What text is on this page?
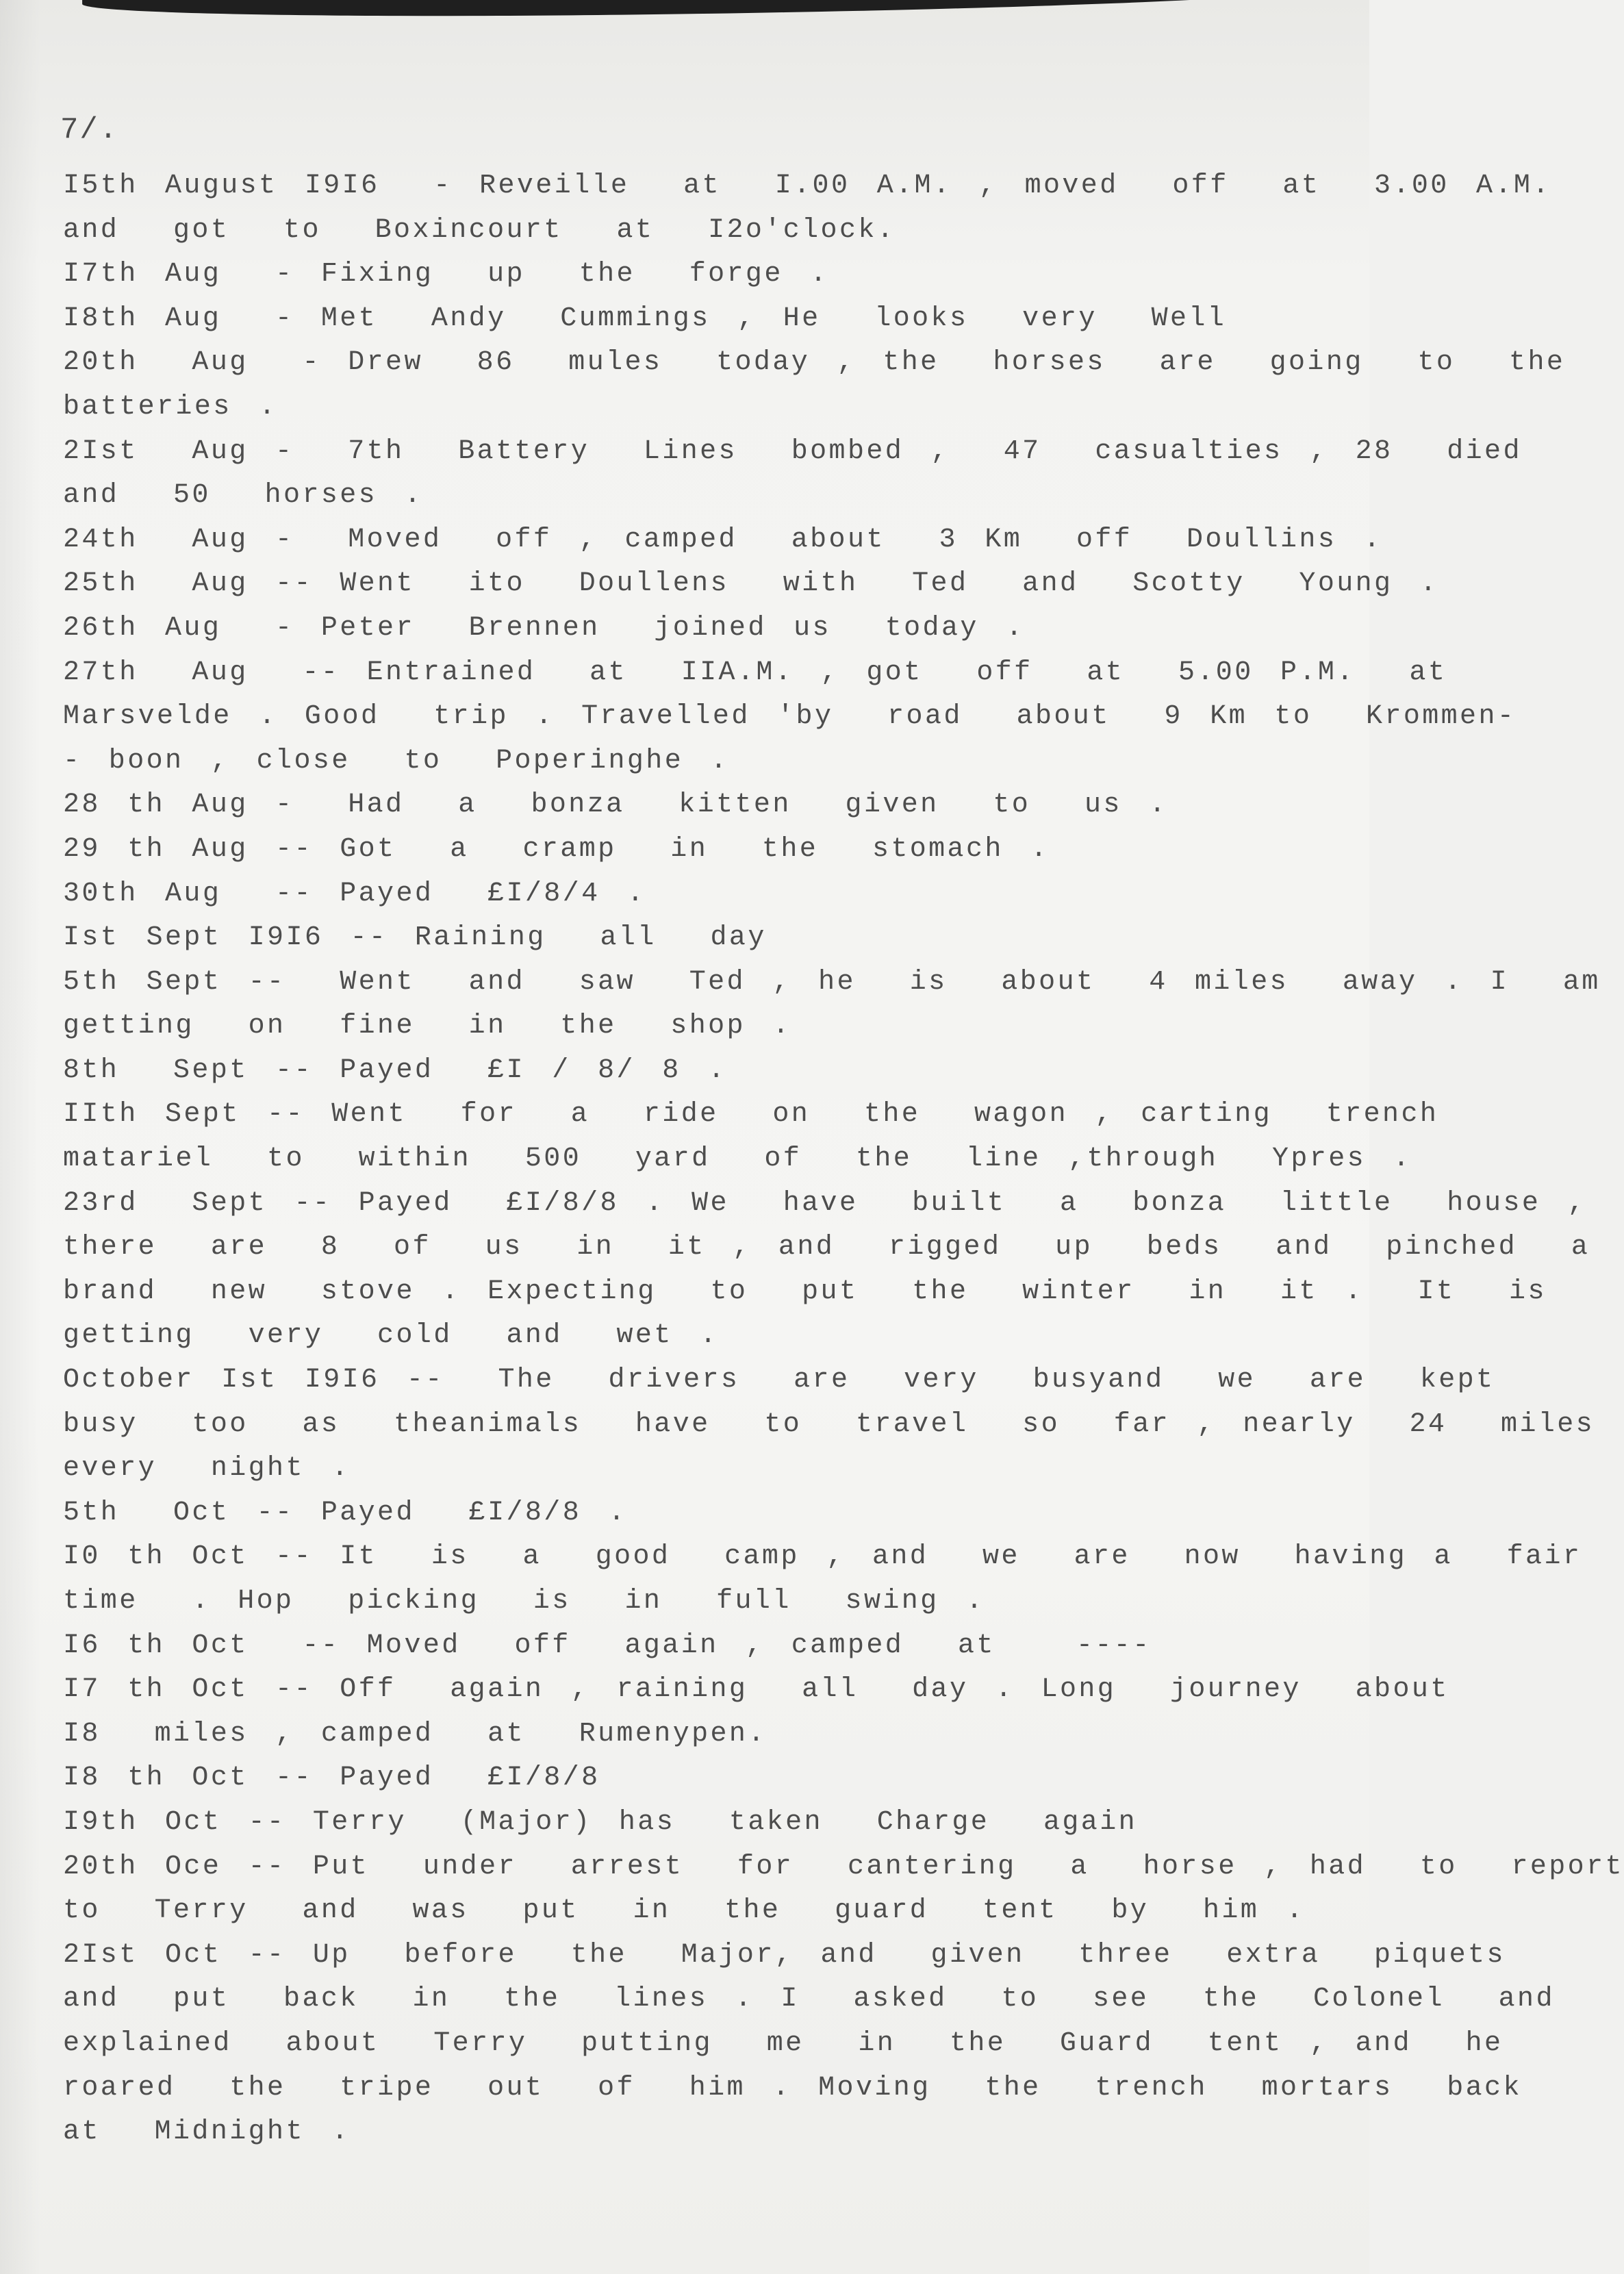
7/.
I5th August I9I6  - Reveille  at  I.00 A.M. , moved  off  at  3.00 A.M.
and  got  to  Boxincourt  at  I2o'clock.
I7th Aug  - Fixing  up  the  forge .
I8th Aug  - Met  Andy  Cummings , He  looks  very  Well
20th  Aug  - Drew  86  mules  today , the  horses  are  going  to  the
batteries .
2Ist  Aug -  7th  Battery  Lines  bombed ,  47  casualties , 28  died
and  50  horses .
24th  Aug -  Moved  off , camped  about  3 Km  off  Doullins .
25th  Aug -- Went  ito  Doullens  with  Ted  and  Scotty  Young .
26th Aug  - Peter  Brennen  joined us  today .
27th  Aug  -- Entrained  at  IIA.M. , got  off  at  5.00 P.M.  at
Marsvelde . Good  trip . Travelled 'by  road  about  9 Km to  Krommen-
- boon , close  to  Poperinghe .
28 th Aug -  Had  a  bonza  kitten  given  to  us .
29 th Aug -- Got  a  cramp  in  the  stomach .
30th Aug  -- Payed  £I/8/4 .
Ist Sept I9I6 -- Raining  all  day
5th Sept --  Went  and  saw  Ted , he  is  about  4 miles  away . I  am
getting  on  fine  in  the  shop .
8th  Sept -- Payed  £I / 8/ 8 .
IIth Sept -- Went  for  a  ride  on  the  wagon , carting  trench
matariel  to  within  500  yard  of  the  line ,through  Ypres .
23rd  Sept -- Payed  £I/8/8 . We  have  built  a  bonza  little  house ,
there  are  8  of  us  in  it , and  rigged  up  beds  and  pinched  a
brand  new  stove . Expecting  to  put  the  winter  in  it .  It  is
getting  very  cold  and  wet .
October Ist I9I6 --  The  drivers  are  very  busyand  we  are  kept
busy  too  as  theanimals  have  to  travel  so  far , nearly  24  miles
every  night .
5th  Oct -- Payed  £I/8/8 .
I0 th Oct -- It  is  a  good  camp , and  we  are  now  having a  fair
time  . Hop  picking  is  in  full  swing .
I6 th Oct  -- Moved  off  again , camped  at   ----
I7 th Oct -- Off  again , raining  all  day . Long  journey  about
I8  miles , camped  at  Rumenypen.
I8 th Oct -- Payed  £I/8/8
I9th Oct -- Terry  (Major) has  taken  Charge  again
20th Oce -- Put  under  arrest  for  cantering  a  horse , had  to  report
to  Terry  and  was  put  in  the  guard  tent  by  him .
2Ist Oct -- Up  before  the  Major, and  given  three  extra  piquets
and  put  back  in  the  lines . I  asked  to  see  the  Colonel  and
explained  about  Terry  putting  me  in  the  Guard  tent , and  he
roared  the  tripe  out  of  him . Moving  the  trench  mortars  back
at  Midnight .
